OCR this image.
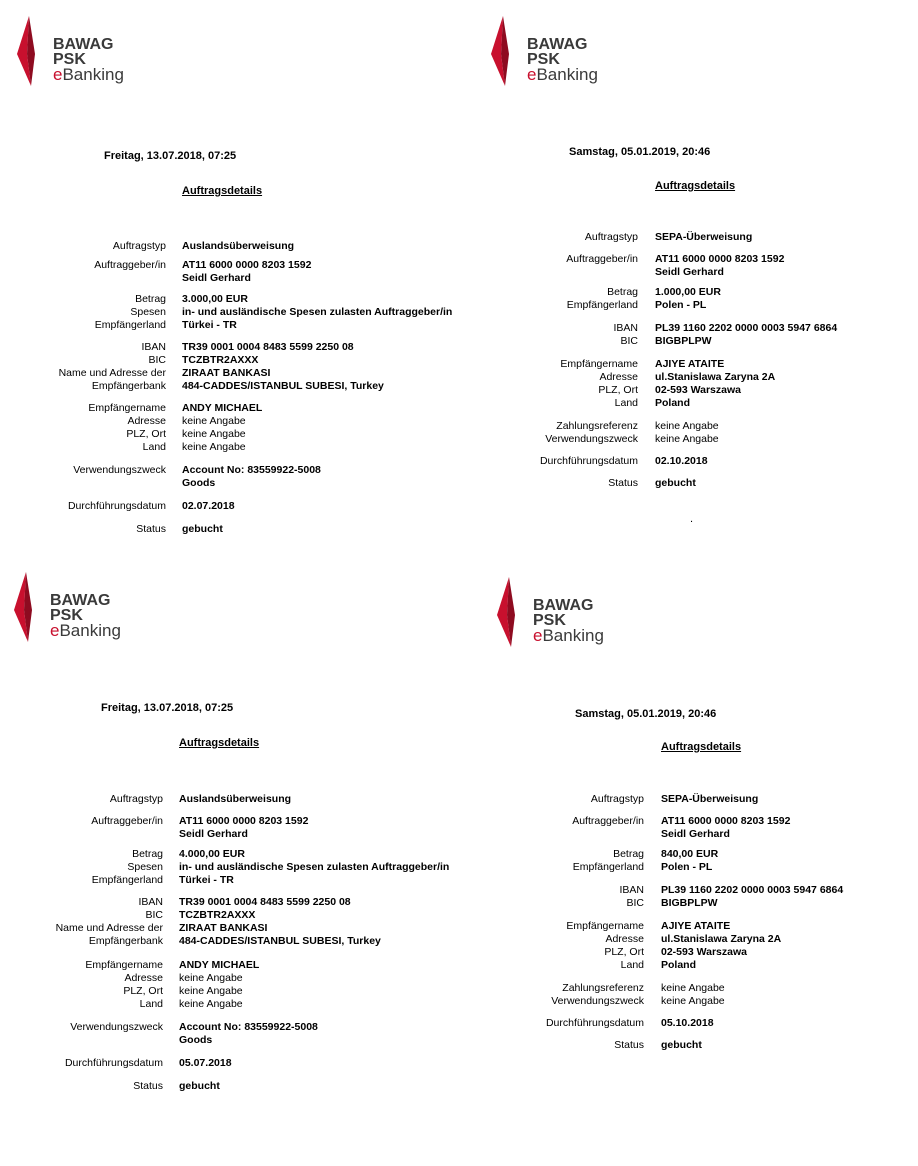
BAWAG
PSK
eBanking
BAWAG
PSK
eBanking
BAWAG
PSK
eBanking
BAWAG
PSK
eBanking
Freitag, 13.07.2018, 07:25
Auftragsdetails
Auftragstyp
Auftraggeber/in
Betrag
Spesen
Empfängerland
IBAN
BIC
Name und Adresse der
Empfängerbank
Empfängername
Adresse
PLZ, Ort
Land
Verwendungszweck
Durchführungsdatum
Status
Auslandsüberweisung
AT11 6000 0000 8203 1592
Seidl Gerhard
3.000,00 EUR
in- und ausländische Spesen zulasten Auftraggeber/in
Türkei - TR
TR39 0001 0004 8483 5599 2250 08
TCZBTR2AXXX
ZIRAAT BANKASI
484-CADDES/ISTANBUL SUBESI, Turkey
ANDY MICHAEL
keine Angabe
keine Angabe
keine Angabe
Account No: 83559922-5008
Goods
02.07.2018
gebucht
Samstag, 05.01.2019, 20:46
Auftragsdetails
Auftragstyp
Auftraggeber/in
Betrag
Empfängerland
IBAN
BIC
Empfängername
Adresse
PLZ, Ort
Land
Zahlungsreferenz
Verwendungszweck
Durchführungsdatum
Status
SEPA-Überweisung
AT11 6000 0000 8203 1592
Seidl Gerhard
1.000,00 EUR
Polen - PL
PL39 1160 2202 0000 0003 5947 6864
BIGBPLPW
AJIYE ATAITE
ul.Stanislawa Zaryna 2A
02-593 Warszawa
Poland
keine Angabe
keine Angabe
02.10.2018
gebucht
.
Freitag, 13.07.2018, 07:25
Auftragsdetails
Auftragstyp
Auftraggeber/in
Betrag
Spesen
Empfängerland
IBAN
BIC
Name und Adresse der
Empfängerbank
Empfängername
Adresse
PLZ, Ort
Land
Verwendungszweck
Durchführungsdatum
Status
Auslandsüberweisung
AT11 6000 0000 8203 1592
Seidl Gerhard
4.000,00 EUR
in- und ausländische Spesen zulasten Auftraggeber/in
Türkei - TR
TR39 0001 0004 8483 5599 2250 08
TCZBTR2AXXX
ZIRAAT BANKASI
484-CADDES/ISTANBUL SUBESI, Turkey
ANDY MICHAEL
keine Angabe
keine Angabe
keine Angabe
Account No: 83559922-5008
Goods
05.07.2018
gebucht
Samstag, 05.01.2019, 20:46
Auftragsdetails
Auftragstyp
Auftraggeber/in
Betrag
Empfängerland
IBAN
BIC
Empfängername
Adresse
PLZ, Ort
Land
Zahlungsreferenz
Verwendungszweck
Durchführungsdatum
Status
SEPA-Überweisung
AT11 6000 0000 8203 1592
Seidl Gerhard
840,00 EUR
Polen - PL
PL39 1160 2202 0000 0003 5947 6864
BIGBPLPW
AJIYE ATAITE
ul.Stanislawa Zaryna 2A
02-593 Warszawa
Poland
keine Angabe
keine Angabe
05.10.2018
gebucht
